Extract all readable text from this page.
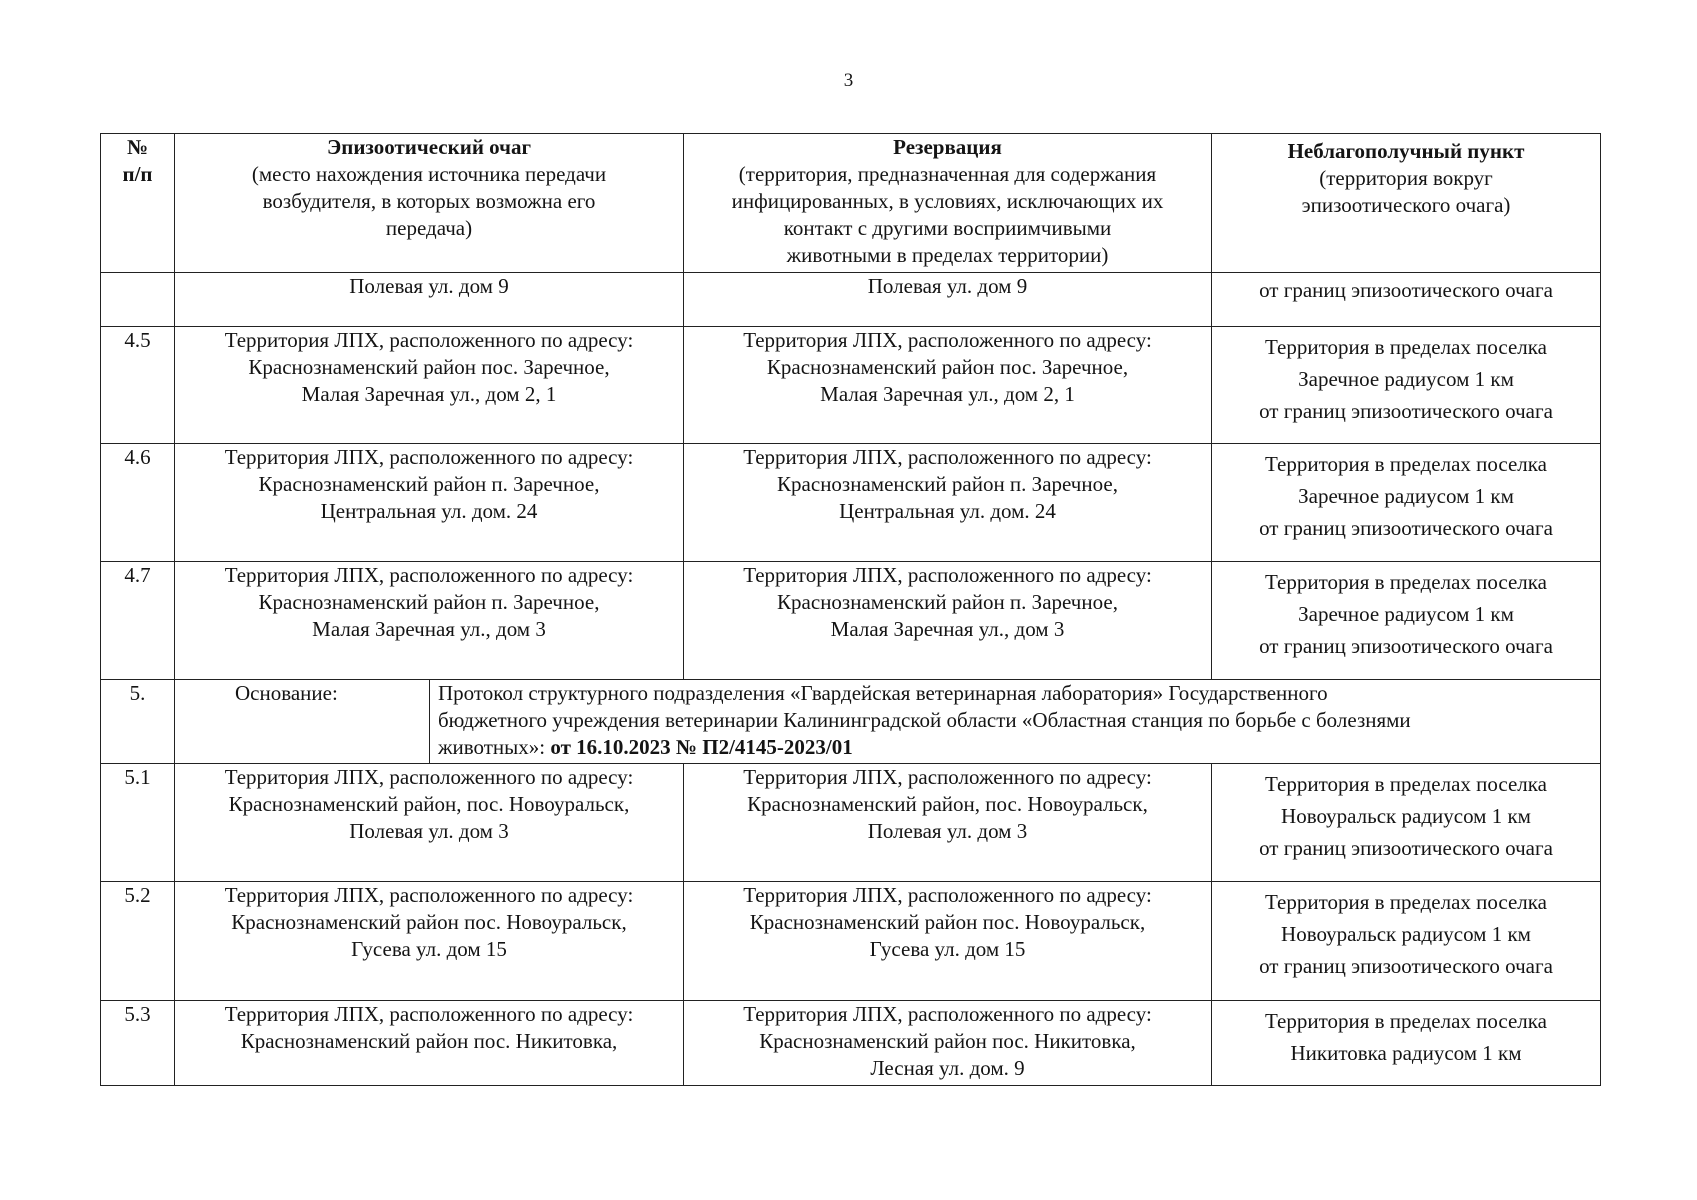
3
№
п/п	Эпизоотический очаг
(место нахождения источника передачи
возбудителя, в которых возможна его
передача)		Резервация
(территория, предназначенная для содержания
инфицированных, в условиях, исключающих их
контакт с другими восприимчивыми
животными в пределах территории)	Неблагополучный пункт
(территория вокруг
эпизоотического очага)

	Полевая ул. дом 9		Полевая ул. дом 9	от границ эпизоотического очага
4.5	Территория ЛПХ, расположенного по адресу:
Краснознаменский район пос. Заречное,
Малая Заречная ул., дом 2, 1		Территория ЛПХ, расположенного по адресу:
Краснознаменский район пос. Заречное,
Малая Заречная ул., дом 2, 1	Территория в пределах поселка
Заречное радиусом 1 км
от границ эпизоотического очага

4.6	Территория ЛПХ, расположенного по адресу:
Краснознаменский район п. Заречное,
Центральная ул. дом. 24		Территория ЛПХ, расположенного по адресу:
Краснознаменский район п. Заречное,
Центральная ул. дом. 24	Территория в пределах поселка
Заречное радиусом 1 км
от границ эпизоотического очага

4.7	Территория ЛПХ, расположенного по адресу:
Краснознаменский район п. Заречное,
Малая Заречная ул., дом 3		Территория ЛПХ, расположенного по адресу:
Краснознаменский район п. Заречное,
Малая Заречная ул., дом 3	Территория в пределах поселка
Заречное радиусом 1 км
от границ эпизоотического очага

5.	Основание:	Протокол структурного подразделения «Гвардейская ветеринарная лаборатория» Государственного
бюджетного учреждения ветеринарии Калининградской области «Областная станция по борьбе с болезнями
животных»: от 16.10.2023 № П2/4145-2023/01		
5.1	Территория ЛПХ, расположенного по адресу:
Краснознаменский район, пос. Новоуральск,
Полевая ул. дом 3		Территория ЛПХ, расположенного по адресу:
Краснознаменский район, пос. Новоуральск,
Полевая ул. дом 3	Территория в пределах поселка
Новоуральск радиусом 1 км
от границ эпизоотического очага

5.2	Территория ЛПХ, расположенного по адресу:
Краснознаменский район пос. Новоуральск,
Гусева ул. дом 15		Территория ЛПХ, расположенного по адресу:
Краснознаменский район пос. Новоуральск,
Гусева ул. дом 15	Территория в пределах поселка
Новоуральск радиусом 1 км
от границ эпизоотического очага

5.3	Территория ЛПХ, расположенного по адресу:
Краснознаменский район пос. Никитовка,		Территория ЛПХ, расположенного по адресу:
Краснознаменский район пос. Никитовка,
Лесная ул. дом. 9	Территория в пределах поселка
Никитовка радиусом 1 км
